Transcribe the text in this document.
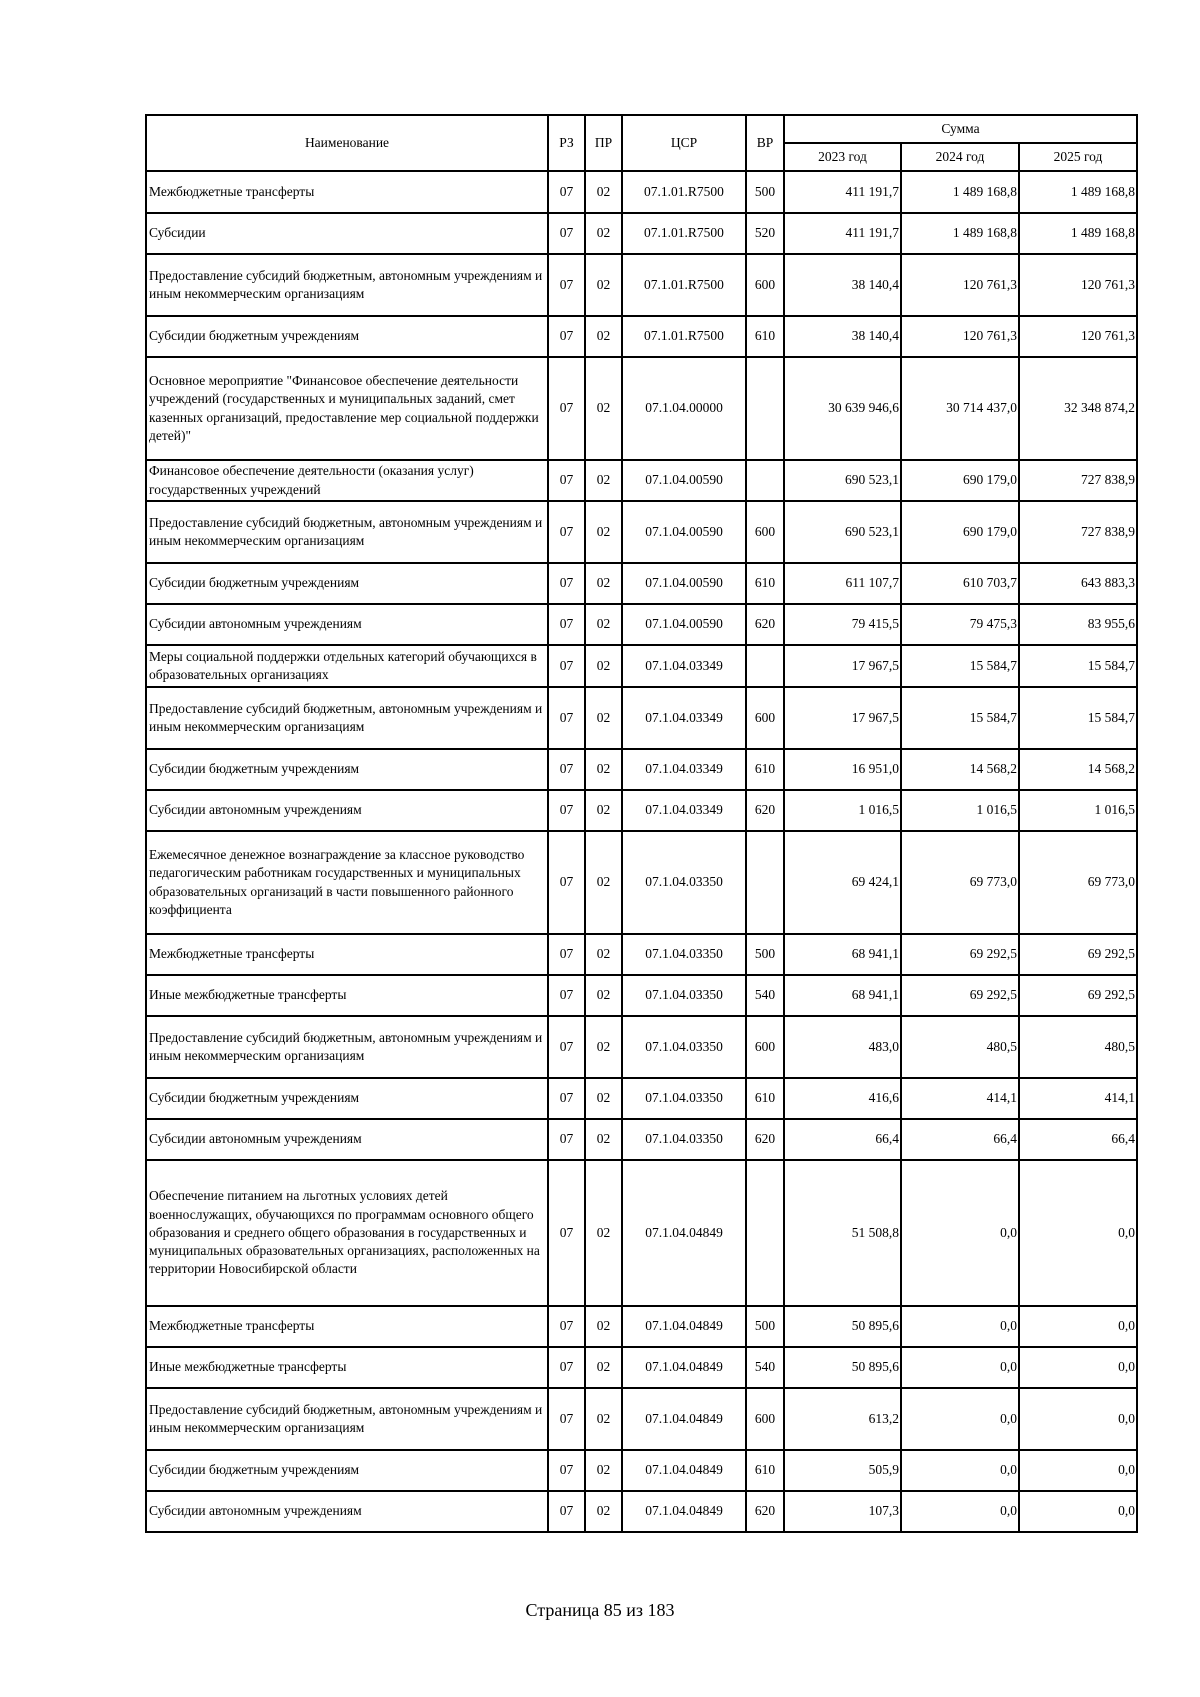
Наименование	РЗ	ПР	ЦСР	ВР	Сумма		
					2023 год	2024 год	2025 год
Межбюджетные трансферты	07	02	07.1.01.R7500	500	411 191,7	1 489 168,8	1 489 168,8
Субсидии	07	02	07.1.01.R7500	520	411 191,7	1 489 168,8	1 489 168,8
Предоставление субсидий бюджетным, автономным учреждениям и иным некоммерческим организациям	07	02	07.1.01.R7500	600	38 140,4	120 761,3	120 761,3
Субсидии бюджетным учреждениям	07	02	07.1.01.R7500	610	38 140,4	120 761,3	120 761,3
Основное мероприятие "Финансовое обеспечение деятельности учреждений (государственных и муниципальных заданий, смет казенных организаций, предоставление мер социальной поддержки детей)"	07	02	07.1.04.00000		30 639 946,6	30 714 437,0	32 348 874,2
Финансовое обеспечение деятельности (оказания услуг) государственных учреждений	07	02	07.1.04.00590		690 523,1	690 179,0	727 838,9
Предоставление субсидий бюджетным, автономным учреждениям и иным некоммерческим организациям	07	02	07.1.04.00590	600	690 523,1	690 179,0	727 838,9
Субсидии бюджетным учреждениям	07	02	07.1.04.00590	610	611 107,7	610 703,7	643 883,3
Субсидии автономным учреждениям	07	02	07.1.04.00590	620	79 415,5	79 475,3	83 955,6
Меры социальной поддержки отдельных категорий обучающихся в образовательных организациях	07	02	07.1.04.03349		17 967,5	15 584,7	15 584,7
Предоставление субсидий бюджетным, автономным учреждениям и иным некоммерческим организациям	07	02	07.1.04.03349	600	17 967,5	15 584,7	15 584,7
Субсидии бюджетным учреждениям	07	02	07.1.04.03349	610	16 951,0	14 568,2	14 568,2
Субсидии автономным учреждениям	07	02	07.1.04.03349	620	1 016,5	1 016,5	1 016,5
Ежемесячное денежное вознаграждение за классное руководство педагогическим работникам государственных и муниципальных образовательных организаций в части повышенного районного коэффициента	07	02	07.1.04.03350		69 424,1	69 773,0	69 773,0
Межбюджетные трансферты	07	02	07.1.04.03350	500	68 941,1	69 292,5	69 292,5
Иные межбюджетные трансферты	07	02	07.1.04.03350	540	68 941,1	69 292,5	69 292,5
Предоставление субсидий бюджетным, автономным учреждениям и иным некоммерческим организациям	07	02	07.1.04.03350	600	483,0	480,5	480,5
Субсидии бюджетным учреждениям	07	02	07.1.04.03350	610	416,6	414,1	414,1
Субсидии автономным учреждениям	07	02	07.1.04.03350	620	66,4	66,4	66,4
Обеспечение питанием на льготных условиях детей военнослужащих, обучающихся по программам основного общего образования и среднего общего образования в государственных и муниципальных образовательных организациях, расположенных на территории Новосибирской области	07	02	07.1.04.04849		51 508,8	0,0	0,0
Межбюджетные трансферты	07	02	07.1.04.04849	500	50 895,6	0,0	0,0
Иные межбюджетные трансферты	07	02	07.1.04.04849	540	50 895,6	0,0	0,0
Предоставление субсидий бюджетным, автономным учреждениям и иным некоммерческим организациям	07	02	07.1.04.04849	600	613,2	0,0	0,0
Субсидии бюджетным учреждениям	07	02	07.1.04.04849	610	505,9	0,0	0,0
Субсидии автономным учреждениям	07	02	07.1.04.04849	620	107,3	0,0	0,0
Страница 85 из 183
